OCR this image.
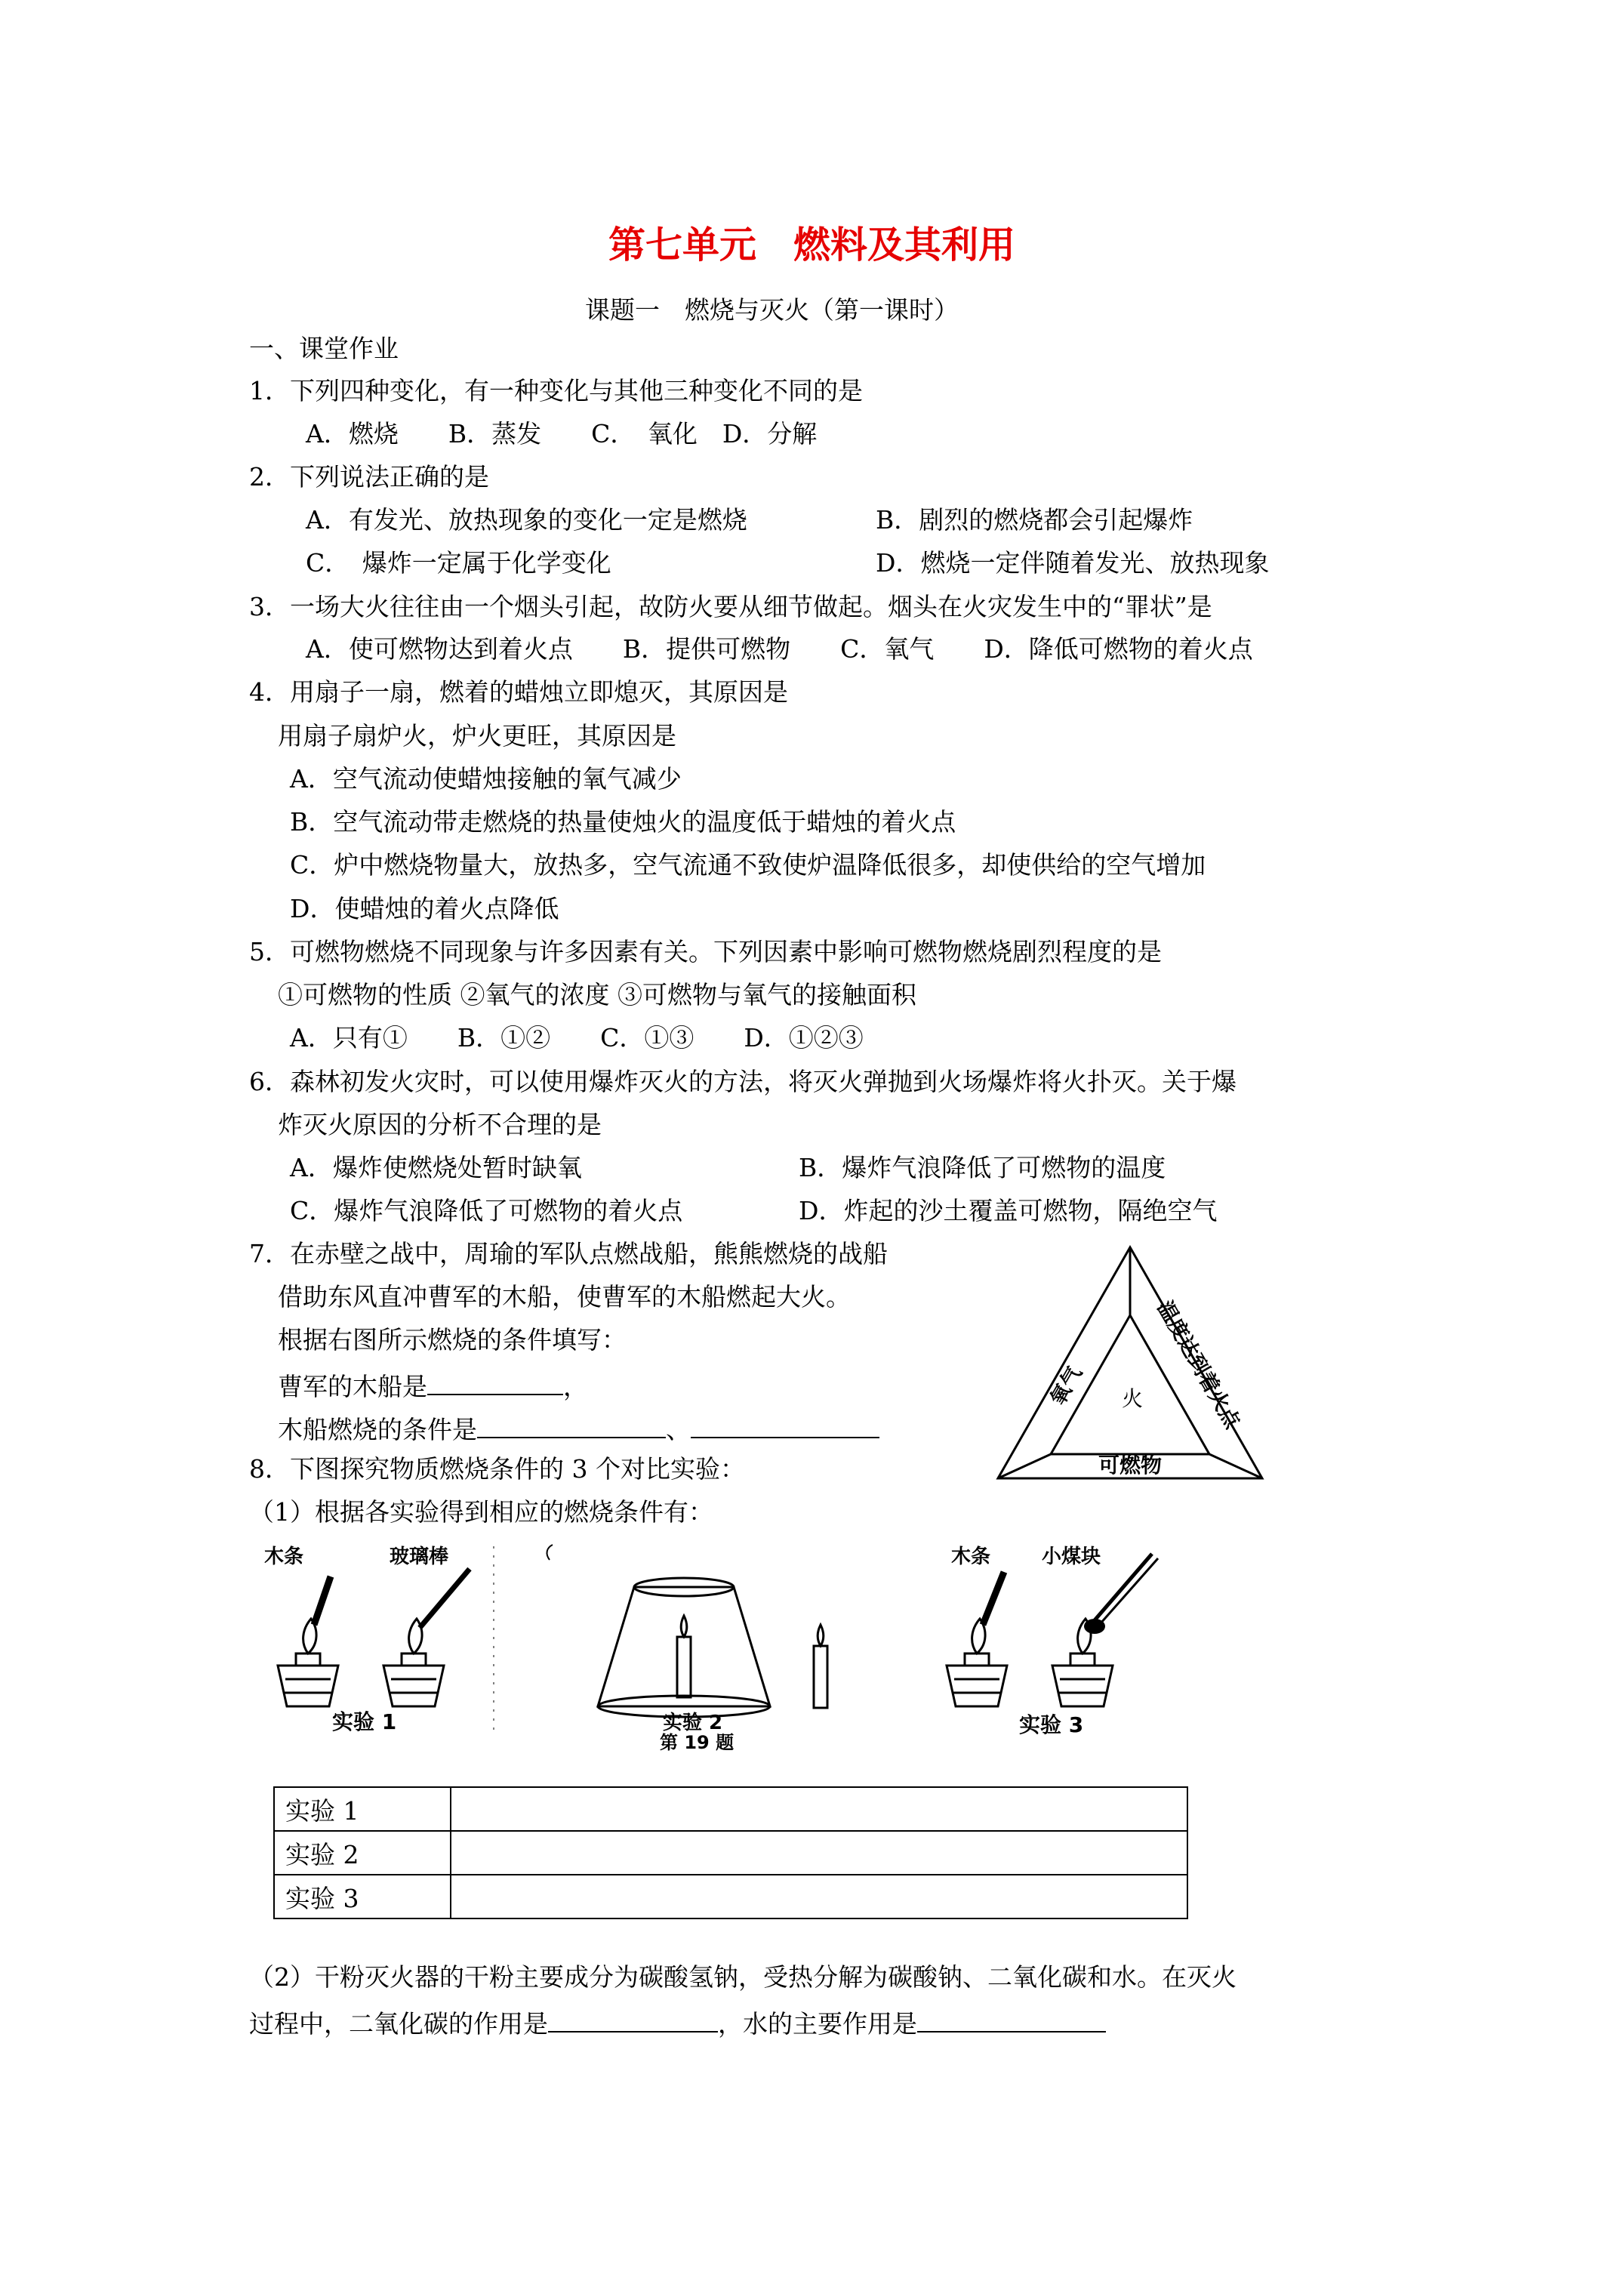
第七单元　燃料及其利用
课题一　燃烧与灭火（第一课时）
一、课堂作业
1．下列四种变化，有一种变化与其他三种变化不同的是
A．燃烧　　B．蒸发　　C．　氧化　D．分解
2．下列说法正确的是
A．有发光、放热现象的变化一定是燃烧	B．剧烈的燃烧都会引起爆炸
C．　爆炸一定属于化学变化	D．燃烧一定伴随着发光、放热现象
3．一场大火往往由一个烟头引起，故防火要从细节做起。烟头在火灾发生中的“罪状”是
A．使可燃物达到着火点　　B．提供可燃物　　C．氧气　　D．降低可燃物的着火点
4．用扇子一扇，燃着的蜡烛立即熄灭，其原因是
用扇子扇炉火，炉火更旺，其原因是
A．空气流动使蜡烛接触的氧气减少
B．空气流动带走燃烧的热量使烛火的温度低于蜡烛的着火点
C．炉中燃烧物量大，放热多，空气流通不致使炉温降低很多，却使供给的空气增加
D．使蜡烛的着火点降低
5．可燃物燃烧不同现象与许多因素有关。下列因素中影响可燃物燃烧剧烈程度的是
①可燃物的性质 ②氧气的浓度 ③可燃物与氧气的接触面积
A．只有①　　B．①②　　C．①③　　D．①②③
6．森林初发火灾时，可以使用爆炸灭火的方法，将灭火弹抛到火场爆炸将火扑灭。关于爆
炸灭火原因的分析不合理的是
A．爆炸使燃烧处暂时缺氧	B．爆炸气浪降低了可燃物的温度
C．爆炸气浪降低了可燃物的着火点	D．炸起的沙土覆盖可燃物，隔绝空气
7．在赤壁之战中，周瑜的军队点燃战船，熊熊燃烧的战船
借助东风直冲曹军的木船，使曹军的木船燃起大火。
根据右图所示燃烧的条件填写：
曹军的木船是	，
木船燃烧的条件是	、
氧气	温度达到着火点
可燃物
火
8．下图探究物质燃烧条件的 3 个对比实验：
（1）根据各实验得到相应的燃烧条件有：
木条	玻璃棒
实验 1	实验 2
第 19 题
木条	小煤块
实验 3
实验 1	
实验 2	
实验 3	
（2）干粉灭火器的干粉主要成分为碳酸氢钠，受热分解为碳酸钠、二氧化碳和水。在灭火
过程中，二氧化碳的作用是	，水的主要作用是
